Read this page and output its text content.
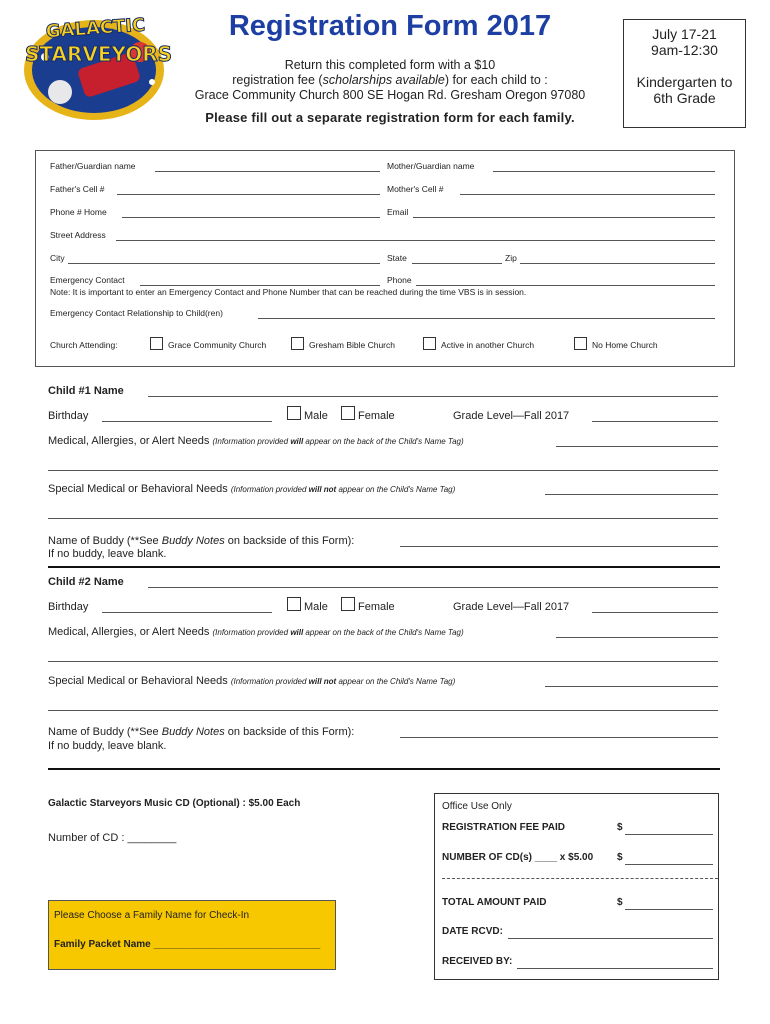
GALACTIC
STARVEYORS
Registration Form 2017
Return this completed form with a $10
registration fee (scholarships available) for each child to :
Grace Community Church 800 SE Hogan Rd. Gresham Oregon 97080
Please fill out a separate registration form for each family.
July 17-21
9am-12:30
Kindergarten to
6th Grade
Father/Guardian name	Mother/Guardian name
Father's Cell #	Mother's Cell #
Phone # Home	Email
Street Address
City	State	Zip
Emergency Contact	Phone
Note: It is important to enter an Emergency Contact and Phone Number that can be reached during the time VBS is in session.
Emergency Contact Relationship to Child(ren)
Church Attending:	Grace Community Church	Gresham Bible Church	Active in another Church	No Home Church
Child #1 Name
Birthday	Male	Female	Grade Level—Fall 2017
Medical, Allergies, or Alert Needs (Information provided will appear on the back of the Child's Name Tag)
Special Medical or Behavioral Needs (Information provided will not appear on the Child's Name Tag)
Name of Buddy (**See Buddy Notes on backside of this Form):
If no buddy, leave blank.
Child #2 Name
Birthday	Male	Female	Grade Level—Fall 2017
Medical, Allergies, or Alert Needs (Information provided will appear on the back of the Child's Name Tag)
Special Medical or Behavioral Needs (Information provided will not appear on the Child's Name Tag)
Name of Buddy (**See Buddy Notes on backside of this Form):
If no buddy, leave blank.
Galactic Starveyors Music CD (Optional) : $5.00 Each
Number of CD : ________
Please Choose a Family Name for Check-In
Family Packet Name ______________________________
Office Use Only
REGISTRATION FEE PAID	$
NUMBER OF CD(s) ____ x $5.00 $
TOTAL AMOUNT PAID	$
DATE RCVD:
RECEIVED BY:
